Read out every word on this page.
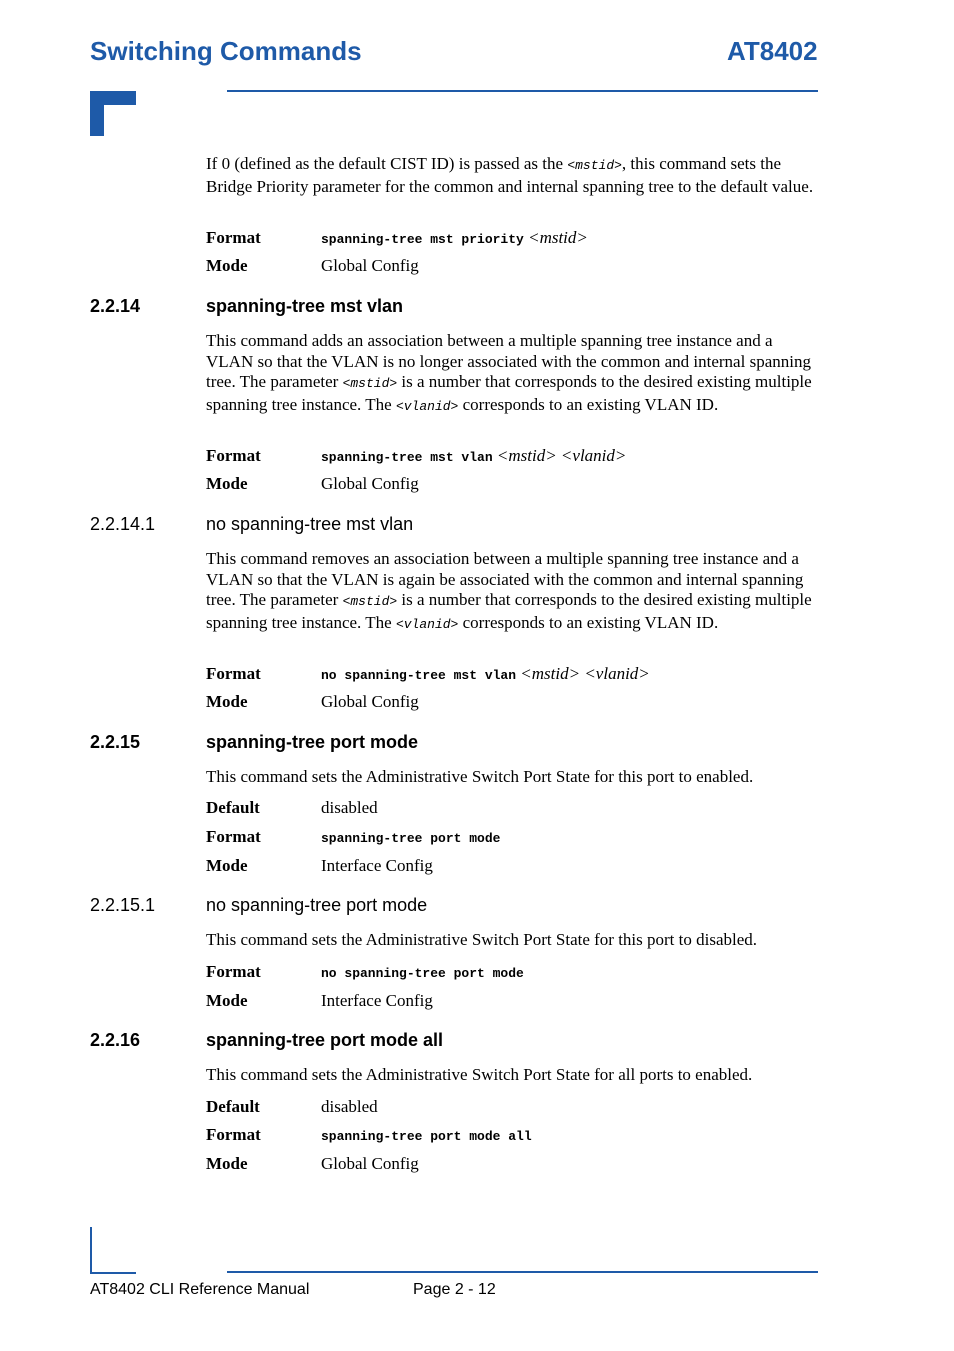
Switching Commands	AT8402
If 0 (defined as the default CIST ID) is passed as the <mstid>, this command sets the Bridge Priority parameter for the common and internal spanning tree to the default value.
Format	spanning-tree mst priority <mstid>
Mode	Global Config
2.2.14	spanning-tree mst vlan
This command adds an association between a multiple spanning tree instance and a VLAN so that the VLAN is no longer associated with the common and internal spanning tree. The parameter <mstid> is a number that corresponds to the desired existing multiple spanning tree instance. The <vlanid> corresponds to an existing VLAN ID.
Format	spanning-tree mst vlan <mstid> <vlanid>
Mode	Global Config
2.2.14.1	no spanning-tree mst vlan
This command removes an association between a multiple spanning tree instance and a VLAN so that the VLAN is again be associated with the common and internal spanning tree. The parameter <mstid> is a number that corresponds to the desired existing multiple spanning tree instance. The <vlanid> corresponds to an existing VLAN ID.
Format	no spanning-tree mst vlan <mstid> <vlanid>
Mode	Global Config
2.2.15	spanning-tree port mode
This command sets the Administrative Switch Port State for this port to enabled.
Default	disabled
Format	spanning-tree port mode
Mode	Interface Config
2.2.15.1	no spanning-tree port mode
This command sets the Administrative Switch Port State for this port to disabled.
Format	no spanning-tree port mode
Mode	Interface Config
2.2.16	spanning-tree port mode all
This command sets the Administrative Switch Port State for all ports to enabled.
Default	disabled
Format	spanning-tree port mode all
Mode	Global Config
AT8402 CLI Reference Manual	Page 2 - 12
